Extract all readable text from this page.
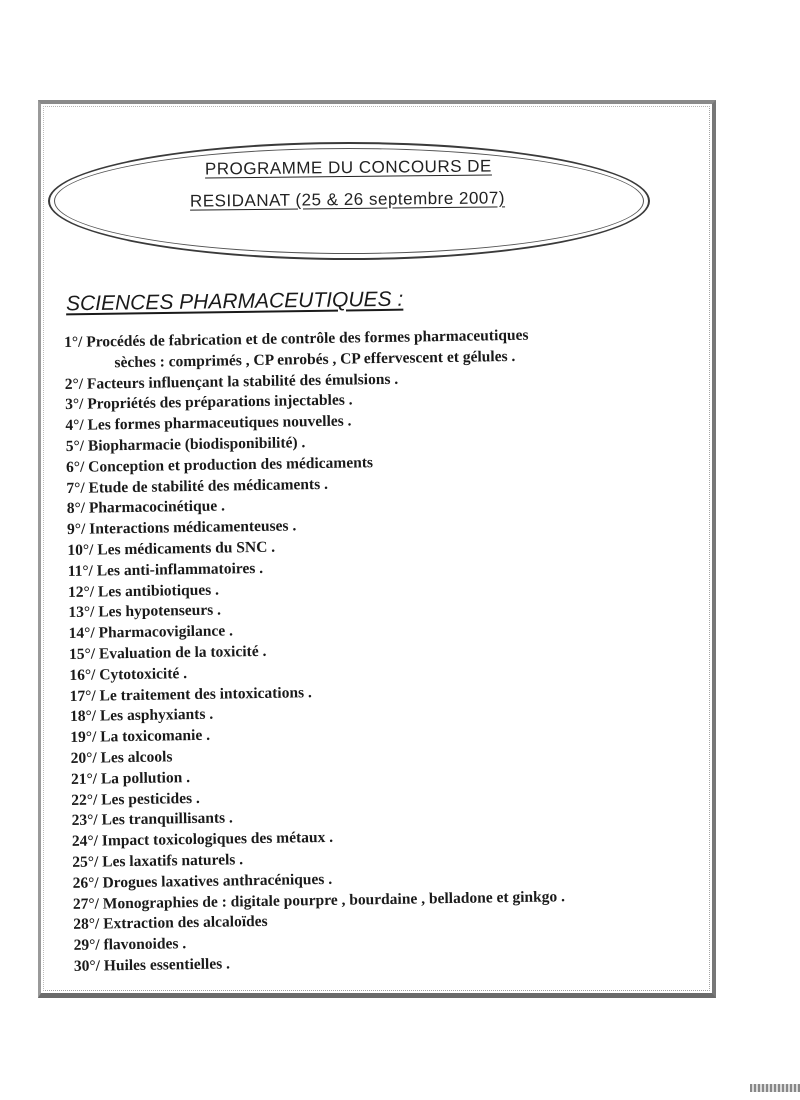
PROGRAMME DU CONCOURS DE
RESIDANAT (25 & 26 septembre 2007)
SCIENCES PHARMACEUTIQUES :
1°/ Procédés de fabrication et de contrôle des formes pharmaceutiques
sèches : comprimés , CP enrobés , CP effervescent et gélules .
2°/ Facteurs influençant la stabilité des émulsions .
3°/ Propriétés des préparations injectables .
4°/ Les formes pharmaceutiques nouvelles .
5°/ Biopharmacie (biodisponibilité) .
6°/ Conception et production des médicaments
7°/ Etude de stabilité des médicaments .
8°/ Pharmacocinétique .
9°/ Interactions médicamenteuses .
10°/ Les médicaments du SNC .
11°/ Les anti-inflammatoires .
12°/ Les antibiotiques .
13°/ Les hypotenseurs .
14°/ Pharmacovigilance .
15°/ Evaluation de la toxicité .
16°/ Cytotoxicité .
17°/ Le traitement des intoxications .
18°/ Les asphyxiants .
19°/ La toxicomanie .
20°/ Les alcools
21°/ La pollution .
22°/ Les pesticides .
23°/ Les tranquillisants .
24°/ Impact toxicologiques des métaux .
25°/ Les laxatifs naturels .
26°/ Drogues laxatives anthracéniques .
27°/ Monographies de : digitale pourpre , bourdaine , belladone et ginkgo .
28°/ Extraction des alcaloïdes
29°/ flavonoides .
30°/ Huiles essentielles .
